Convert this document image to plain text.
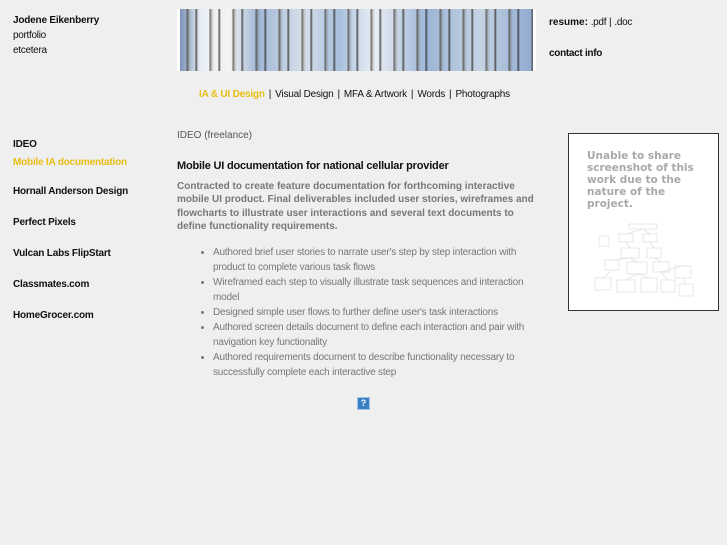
Jodene Eikenberry
portfolio
etcetera
resume: .pdf | .doc
contact info
IA & UI Design | Visual Design | MFA & Artwork | Words | Photographs
IDEO
Mobile IA documentation
Hornall Anderson Design
Perfect Pixels
Vulcan Labs FlipStart
Classmates.com
HomeGrocer.com
IDEO (freelance)
Mobile UI documentation for national cellular provider
Contracted to create feature documentation for forthcoming interactive mobile UI product. Final deliverables included user stories, wireframes and flowcharts to illustrate user interactions and several text documents to define functionality requirements.
• Authored brief user stories to narrate user's step by step interaction with product to complete various task flows
• Wireframed each step to visually illustrate task sequences and interaction model
• Designed simple user flows to further define user's task interactions
• Authored screen details document to define each interaction and pair with navigation key functionality
• Authored requirements document to describe functionality necessary to successfully complete each interactive step
?
Unable to share screenshot of this work due to the nature of the project.
